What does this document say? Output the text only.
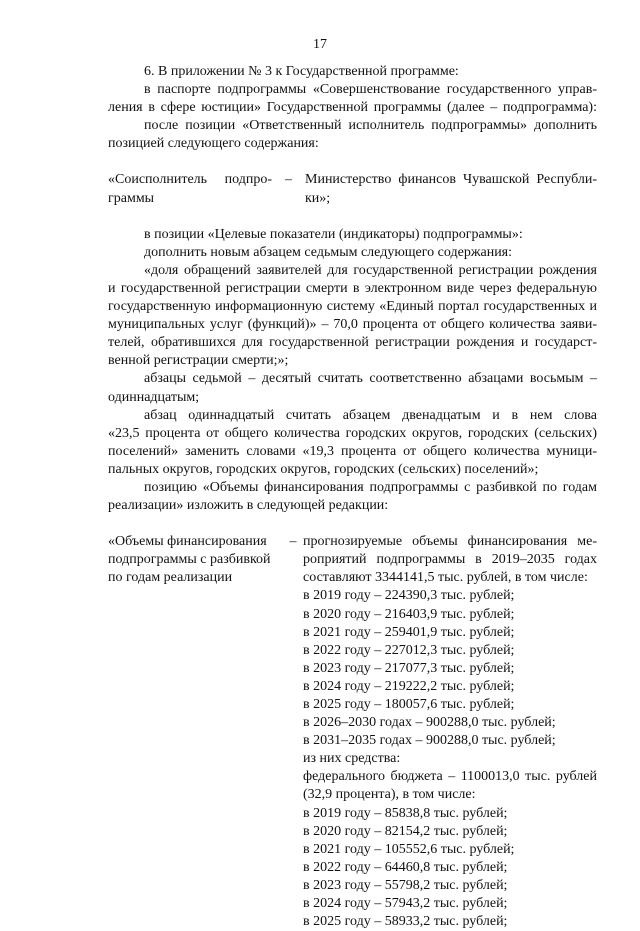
17
6. В приложении № 3 к Государственной программе:
в паспорте подпрограммы «Совершенствование государственного управ-
ления в сфере юстиции» Государственной программы (далее – подпрограмма):
после позиции «Ответственный исполнитель подпрограммы» дополнить
позицией следующего содержания:
«Соисполнитель подпро-
граммы
– Министерство финансов Чувашской Республи-
ки»;
в позиции «Целевые показатели (индикаторы) подпрограммы»:
дополнить новым абзацем седьмым следующего содержания:
«доля обращений заявителей для государственной регистрации рождения
и государственной регистрации смерти в электронном виде через федеральную
государственную информационную систему «Единый портал государственных и
муниципальных услуг (функций)» – 70,0 процента от общего количества заяви-
телей, обратившихся для государственной регистрации рождения и государст-
венной регистрации смерти;»;
абзацы седьмой – десятый считать соответственно абзацами восьмым –
одиннадцатым;
абзац одиннадцатый считать абзацем двенадцатым и в нем слова
«23,5 процента от общего количества городских округов, городских (сельских)
поселений» заменить словами «19,3 процента от общего количества муници-
пальных округов, городских округов, городских (сельских) поселений»;
позицию «Объемы финансирования подпрограммы с разбивкой по годам
реализации» изложить в следующей редакции:
«Объемы финансирования
подпрограммы с разбивкой
по годам реализации
– прогнозируемые объемы финансирования ме-
роприятий подпрограммы в 2019–2035 годах
составляют 3344141,5 тыс. рублей, в том числе:
в 2019 году – 224390,3 тыс. рублей;
в 2020 году – 216403,9 тыс. рублей;
в 2021 году – 259401,9 тыс. рублей;
в 2022 году – 227012,3 тыс. рублей;
в 2023 году – 217077,3 тыс. рублей;
в 2024 году – 219222,2 тыс. рублей;
в 2025 году – 180057,6 тыс. рублей;
в 2026–2030 годах – 900288,0 тыс. рублей;
в 2031–2035 годах – 900288,0 тыс. рублей;
из них средства:
федерального бюджета – 1100013,0 тыс. рублей
(32,9 процента), в том числе:
в 2019 году – 85838,8 тыс. рублей;
в 2020 году – 82154,2 тыс. рублей;
в 2021 году – 105552,6 тыс. рублей;
в 2022 году – 64460,8 тыс. рублей;
в 2023 году – 55798,2 тыс. рублей;
в 2024 году – 57943,2 тыс. рублей;
в 2025 году – 58933,2 тыс. рублей;
